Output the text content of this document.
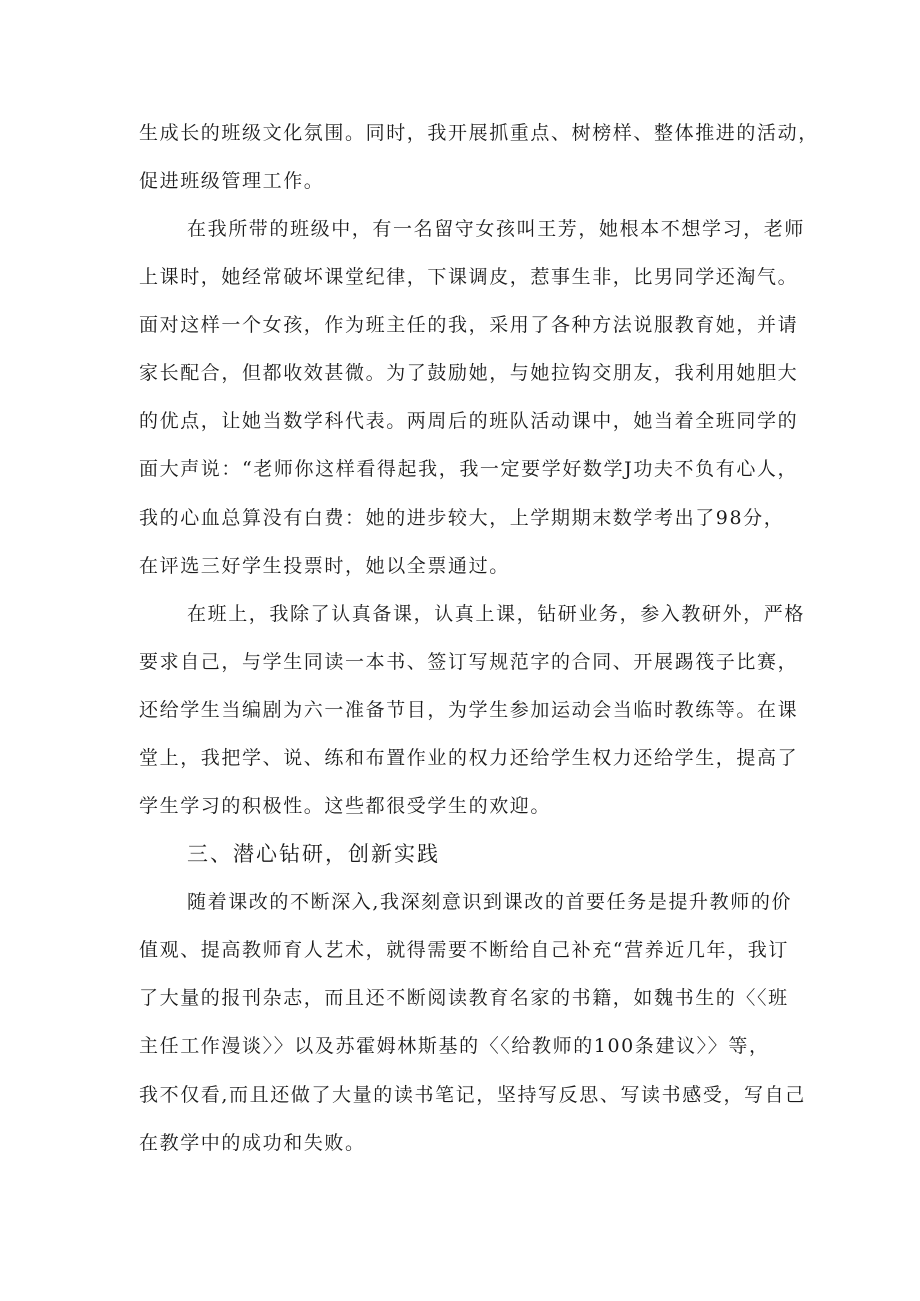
生成长的班级文化氛围。同时，我开展抓重点、树榜样、整体推进的活动，
促进班级管理工作。
在我所带的班级中，有一名留守女孩叫王芳，她根本不想学习，老师
上课时，她经常破坏课堂纪律，下课调皮，惹事生非，比男同学还淘气。
面对这样一个女孩，作为班主任的我，采用了各种方法说服教育她，并请
家长配合，但都收效甚微。为了鼓励她，与她拉钩交朋友，我利用她胆大
的优点，让她当数学科代表。两周后的班队活动课中，她当着全班同学的
面大声说：“老师你这样看得起我，我一定要学好数学J功夫不负有心人，
我的心血总算没有白费：她的进步较大，上学期期末数学考出了98分，
在评选三好学生投票时，她以全票通过。
在班上，我除了认真备课，认真上课，钻研业务，参入教研外，严格
要求自己，与学生同读一本书、签订写规范字的合同、开展踢筏子比赛，
还给学生当编剧为六一准备节目，为学生参加运动会当临时教练等。在课
堂上，我把学、说、练和布置作业的权力还给学生权力还给学生，提高了
学生学习的积极性。这些都很受学生的欢迎。
三、潜心钻研，创新实践
随着课改的不断深入,我深刻意识到课改的首要任务是提升教师的价
值观、提高教师育人艺术，就得需要不断给自己补充“营养近几年，我订
了大量的报刊杂志，而且还不断阅读教育名家的书籍，如魏书生的〈〈班
主任工作漫谈〉〉以及苏霍姆林斯基的〈〈给教师的100条建议〉〉等，
我不仅看,而且还做了大量的读书笔记，坚持写反思、写读书感受，写自己
在教学中的成功和失败。
